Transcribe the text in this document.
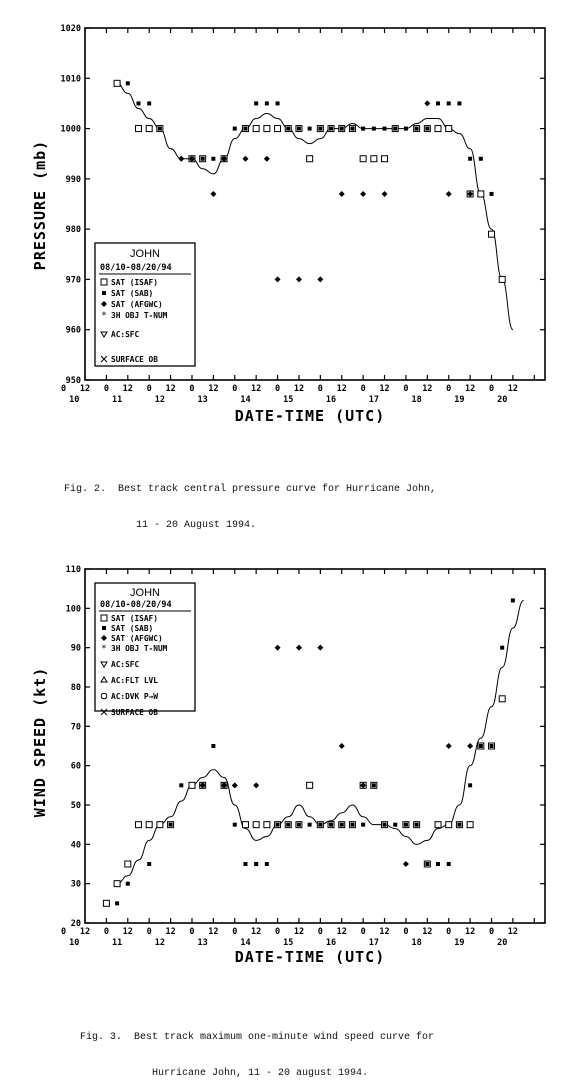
950
960
970
980
990
1000
1010
1020
0 12 0 12 0 12 0 12 0 12 0 12 0 12 0 12 0 12 0 12 0 12
10	11	12	13	14	15	16	17	18	19	20
PRESSURE (mb)
DATE-TIME (UTC)
JOHN
08/10-08/20/94
SAT (ISAF)
SAT (SAB)
SAT (AFGWC)
* 3H OBJ T-NUM
AC:SFC
SURFACE OB

Fig. 2.  Best track central pressure curve for Hurricane John,

11 - 20 August 1994.

20
30
40
50
60
70
80
90
100
110
0 12 0 12 0 12 0 12 0 12 0 12 0 12 0 12 0 12 0 12 0 12
10	11	12	13	14	15	16	17	18	19	20
WIND SPEED (kt)
DATE-TIME (UTC)
JOHN
08/10-08/20/94
SAT (ISAF)
SAT (SAB)
SAT (AFGWC)
* 3H OBJ T-NUM
AC:SFC
AC:FLT LVL
AC:DVK P→W
SURFACE OB

Fig. 3.  Best track maximum one-minute wind speed curve for

Hurricane John, 11 - 20 august 1994.
